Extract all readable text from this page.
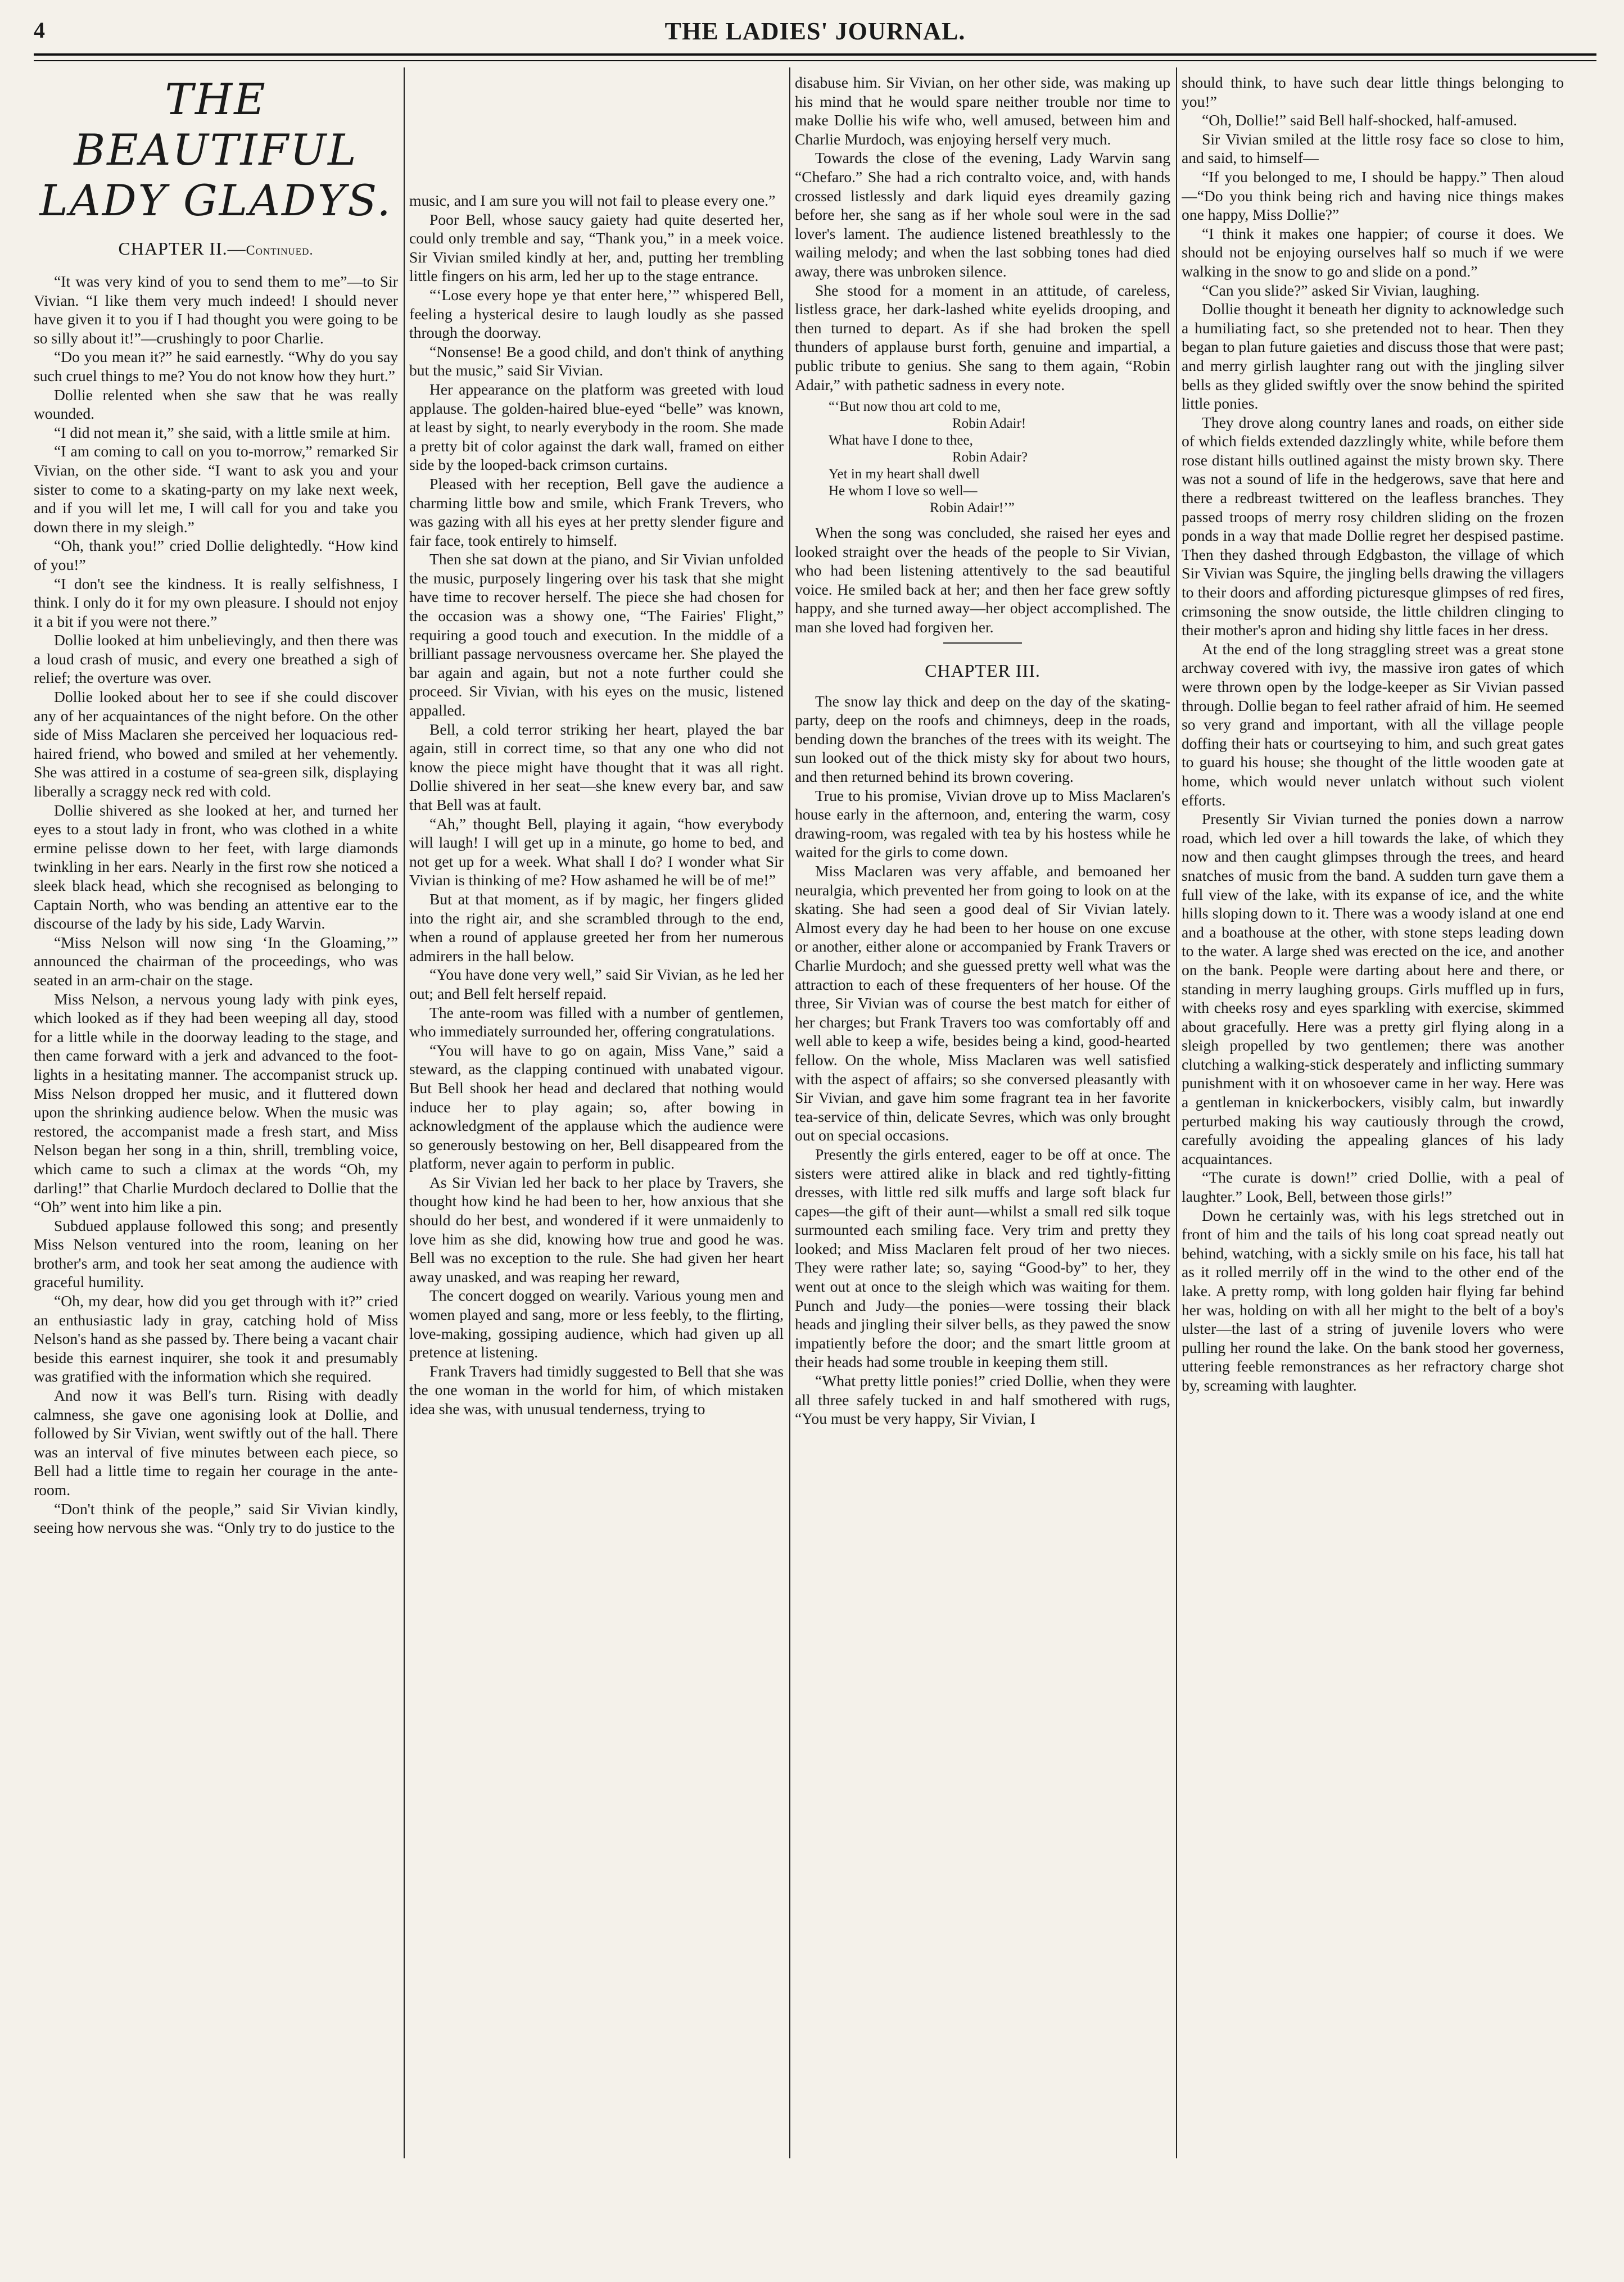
4	THE LADIES' JOURNAL.
THE BEAUTIFUL LADY GLADYS.
CHAPTER II.—Continued.

“It was very kind of you to send them to me”—to Sir Vivian. “I like them very much indeed! I should never have given it to you if I had thought you were going to be so silly about it!”—crushingly to poor Charlie.

“Do you mean it?” he said earnestly. “Why do you say such cruel things to me? You do not know how they hurt.”

Dollie relented when she saw that he was really wounded.

“I did not mean it,” she said, with a little smile at him.

“I am coming to call on you to-morrow,” remarked Sir Vivian, on the other side. “I want to ask you and your sister to come to a skating-party on my lake next week, and if you will let me, I will call for you and take you down there in my sleigh.”

“Oh, thank you!” cried Dollie delightedly. “How kind of you!”

“I don't see the kindness. It is really selfishness, I think. I only do it for my own pleasure. I should not enjoy it a bit if you were not there.”

Dollie looked at him unbelievingly, and then there was a loud crash of music, and every one breathed a sigh of relief; the overture was over.

Dollie looked about her to see if she could discover any of her acquaintances of the night before. On the other side of Miss Maclaren she perceived her loquacious red-haired friend, who bowed and smiled at her vehemently. She was attired in a costume of sea-green silk, displaying liberally a scraggy neck red with cold.

Dollie shivered as she looked at her, and turned her eyes to a stout lady in front, who was clothed in a white ermine pelisse down to her feet, with large diamonds twinkling in her ears. Nearly in the first row she noticed a sleek black head, which she recognised as belonging to Captain North, who was bending an attentive ear to the discourse of the lady by his side, Lady Warvin.

“Miss Nelson will now sing ‘In the Gloaming,’” announced the chairman of the proceedings, who was seated in an arm-chair on the stage.

Miss Nelson, a nervous young lady with pink eyes, which looked as if they had been weeping all day, stood for a little while in the doorway leading to the stage, and then came forward with a jerk and advanced to the foot-lights in a hesitating manner. The accompanist struck up. Miss Nelson dropped her music, and it fluttered down upon the shrinking audience below. When the music was restored, the accompanist made a fresh start, and Miss Nelson began her song in a thin, shrill, trembling voice, which came to such a climax at the words “Oh, my darling!” that Charlie Murdoch declared to Dollie that the “Oh” went into him like a pin.

Subdued applause followed this song; and presently Miss Nelson ventured into the room, leaning on her brother's arm, and took her seat among the audience with graceful humility.

“Oh, my dear, how did you get through with it?” cried an enthusiastic lady in gray, catching hold of Miss Nelson's hand as she passed by. There being a vacant chair beside this earnest inquirer, she took it and presumably was gratified with the information which she required.

And now it was Bell's turn. Rising with deadly calmness, she gave one agonising look at Dollie, and followed by Sir Vivian, went swiftly out of the hall. There was an interval of five minutes between each piece, so Bell had a little time to regain her courage in the ante-room.

“Don't think of the people,” said Sir Vivian kindly, seeing how nervous she was. “Only try to do justice to the

music, and I am sure you will not fail to please every one.”

Poor Bell, whose saucy gaiety had quite deserted her, could only tremble and say, “Thank you,” in a meek voice. Sir Vivian smiled kindly at her, and, putting her trembling little fingers on his arm, led her up to the stage entrance.

“‘Lose every hope ye that enter here,’” whispered Bell, feeling a hysterical desire to laugh loudly as she passed through the doorway.

“Nonsense! Be a good child, and don't think of anything but the music,” said Sir Vivian.

Her appearance on the platform was greeted with loud applause. The golden-haired blue-eyed “belle” was known, at least by sight, to nearly everybody in the room. She made a pretty bit of color against the dark wall, framed on either side by the looped-back crimson curtains.

Pleased with her reception, Bell gave the audience a charming little bow and smile, which Frank Trevers, who was gazing with all his eyes at her pretty slender figure and fair face, took entirely to himself.

Then she sat down at the piano, and Sir Vivian unfolded the music, purposely lingering over his task that she might have time to recover herself. The piece she had chosen for the occasion was a showy one, “The Fairies' Flight,” requiring a good touch and execution. In the middle of a brilliant passage nervousness overcame her. She played the bar again and again, but not a note further could she proceed. Sir Vivian, with his eyes on the music, listened appalled.

Bell, a cold terror striking her heart, played the bar again, still in correct time, so that any one who did not know the piece might have thought that it was all right. Dollie shivered in her seat—she knew every bar, and saw that Bell was at fault.

“Ah,” thought Bell, playing it again, “how everybody will laugh! I will get up in a minute, go home to bed, and not get up for a week. What shall I do? I wonder what Sir Vivian is thinking of me? How ashamed he will be of me!”

But at that moment, as if by magic, her fingers glided into the right air, and she scrambled through to the end, when a round of applause greeted her from her numerous admirers in the hall below.

“You have done very well,” said Sir Vivian, as he led her out; and Bell felt herself repaid.

The ante-room was filled with a number of gentlemen, who immediately surrounded her, offering congratulations.

“You will have to go on again, Miss Vane,” said a steward, as the clapping continued with unabated vigour. But Bell shook her head and declared that nothing would induce her to play again; so, after bowing in acknowledgment of the applause which the audience were so generously bestowing on her, Bell disappeared from the platform, never again to perform in public.

As Sir Vivian led her back to her place by Travers, she thought how kind he had been to her, how anxious that she should do her best, and wondered if it were unmaidenly to love him as she did, knowing how true and good he was. Bell was no exception to the rule. She had given her heart away unasked, and was reaping her reward,

The concert dogged on wearily. Various young men and women played and sang, more or less feebly, to the flirting, love-making, gossiping audience, which had given up all pretence at listening.

Frank Travers had timidly suggested to Bell that she was the one woman in the world for him, of which mistaken idea she was, with unusual tenderness, trying to

disabuse him. Sir Vivian, on her other side, was making up his mind that he would spare neither trouble nor time to make Dollie his wife who, well amused, between him and Charlie Murdoch, was enjoying herself very much.

Towards the close of the evening, Lady Warvin sang “Chefaro.” She had a rich contralto voice, and, with hands crossed listlessly and dark liquid eyes dreamily gazing before her, she sang as if her whole soul were in the sad lover's lament. The audience listened breathlessly to the wailing melody; and when the last sobbing tones had died away, there was unbroken silence.

She stood for a moment in an attitude, of careless, listless grace, her dark-lashed white eyelids drooping, and then turned to depart. As if she had broken the spell thunders of applause burst forth, genuine and impartial, a public tribute to genius. She sang to them again, “Robin Adair,” with pathetic sadness in every note.

“‘But now thou art cold to me,
Robin Adair!
What have I done to thee,
Robin Adair?
Yet in my heart shall dwell
He whom I love so well—
Robin Adair!’”

When the song was concluded, she raised her eyes and looked straight over the heads of the people to Sir Vivian, who had been listening attentively to the sad beautiful voice. He smiled back at her; and then her face grew softly happy, and she turned away—her object accomplished. The man she loved had forgiven her.

CHAPTER III.

The snow lay thick and deep on the day of the skating-party, deep on the roofs and chimneys, deep in the roads, bending down the branches of the trees with its weight. The sun looked out of the thick misty sky for about two hours, and then returned behind its brown covering.

True to his promise, Vivian drove up to Miss Maclaren's house early in the afternoon, and, entering the warm, cosy drawing-room, was regaled with tea by his hostess while he waited for the girls to come down.

Miss Maclaren was very affable, and bemoaned her neuralgia, which prevented her from going to look on at the skating. She had seen a good deal of Sir Vivian lately. Almost every day he had been to her house on one excuse or another, either alone or accompanied by Frank Travers or Charlie Murdoch; and she guessed pretty well what was the attraction to each of these frequenters of her house. Of the three, Sir Vivian was of course the best match for either of her charges; but Frank Travers too was comfortably off and well able to keep a wife, besides being a kind, good-hearted fellow. On the whole, Miss Maclaren was well satisfied with the aspect of affairs; so she conversed pleasantly with Sir Vivian, and gave him some fragrant tea in her favorite tea-service of thin, delicate Sevres, which was only brought out on special occasions.

Presently the girls entered, eager to be off at once. The sisters were attired alike in black and red tightly-fitting dresses, with little red silk muffs and large soft black fur capes—the gift of their aunt—whilst a small red silk toque surmounted each smiling face. Very trim and pretty they looked; and Miss Maclaren felt proud of her two nieces. They were rather late; so, saying “Good-by” to her, they went out at once to the sleigh which was waiting for them. Punch and Judy—the ponies—were tossing their black heads and jingling their silver bells, as they pawed the snow impatiently before the door; and the smart little groom at their heads had some trouble in keeping them still.

“What pretty little ponies!” cried Dollie, when they were all three safely tucked in and half smothered with rugs, “You must be very happy, Sir Vivian, I

should think, to have such dear little things belonging to you!”

“Oh, Dollie!” said Bell half-shocked, half-amused.

Sir Vivian smiled at the little rosy face so close to him, and said, to himself—

“If you belonged to me, I should be happy.” Then aloud—“Do you think being rich and having nice things makes one happy, Miss Dollie?”

“I think it makes one happier; of course it does. We should not be enjoying ourselves half so much if we were walking in the snow to go and slide on a pond.”

“Can you slide?” asked Sir Vivian, laughing.

Dollie thought it beneath her dignity to acknowledge such a humiliating fact, so she pretended not to hear. Then they began to plan future gaieties and discuss those that were past; and merry girlish laughter rang out with the jingling silver bells as they glided swiftly over the snow behind the spirited little ponies.

They drove along country lanes and roads, on either side of which fields extended dazzlingly white, while before them rose distant hills outlined against the misty brown sky. There was not a sound of life in the hedgerows, save that here and there a redbreast twittered on the leafless branches. They passed troops of merry rosy children sliding on the frozen ponds in a way that made Dollie regret her despised pastime. Then they dashed through Edgbaston, the village of which Sir Vivian was Squire, the jingling bells drawing the villagers to their doors and affording picturesque glimpses of red fires, crimsoning the snow outside, the little children clinging to their mother's apron and hiding shy little faces in her dress.

At the end of the long straggling street was a great stone archway covered with ivy, the massive iron gates of which were thrown open by the lodge-keeper as Sir Vivian passed through. Dollie began to feel rather afraid of him. He seemed so very grand and important, with all the village people doffing their hats or courtseying to him, and such great gates to guard his house; she thought of the little wooden gate at home, which would never unlatch without such violent efforts.

Presently Sir Vivian turned the ponies down a narrow road, which led over a hill towards the lake, of which they now and then caught glimpses through the trees, and heard snatches of music from the band. A sudden turn gave them a full view of the lake, with its expanse of ice, and the white hills sloping down to it. There was a woody island at one end and a boathouse at the other, with stone steps leading down to the water. A large shed was erected on the ice, and another on the bank. People were darting about here and there, or standing in merry laughing groups. Girls muffled up in furs, with cheeks rosy and eyes sparkling with exercise, skimmed about gracefully. Here was a pretty girl flying along in a sleigh propelled by two gentlemen; there was another clutching a walking-stick desperately and inflicting summary punishment with it on whosoever came in her way. Here was a gentleman in knickerbockers, visibly calm, but inwardly perturbed making his way cautiously through the crowd, carefully avoiding the appealing glances of his lady acquaintances.

“The curate is down!” cried Dollie, with a peal of laughter.” Look, Bell, between those girls!”

Down he certainly was, with his legs stretched out in front of him and the tails of his long coat spread neatly out behind, watching, with a sickly smile on his face, his tall hat as it rolled merrily off in the wind to the other end of the lake. A pretty romp, with long golden hair flying far behind her was, holding on with all her might to the belt of a boy's ulster—the last of a string of juvenile lovers who were pulling her round the lake. On the bank stood her governess, uttering feeble remonstrances as her refractory charge shot by, screaming with laughter.
